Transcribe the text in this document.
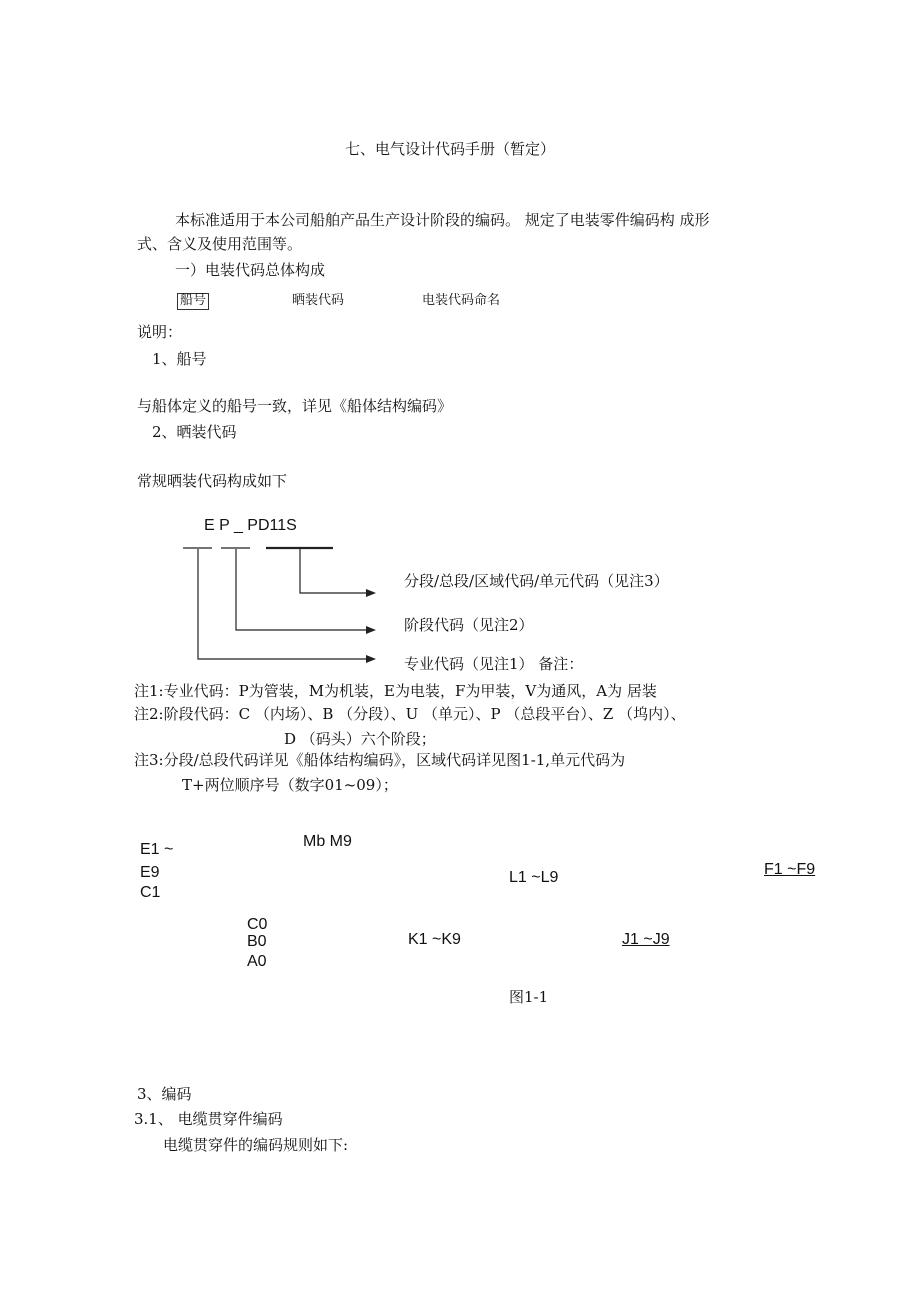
七、电气设计代码手册（暂定）
本标准适用于本公司船舶产品生产设计阶段的编码。 规定了电装零件编码构 成形
式、含义及使用范围等。
一）电装代码总体构成
船号	晒装代码	电装代码命名
说明：
1、船号
与船体定义的船号一致，详见《船体结构编码》
2、晒装代码
常规晒装代码构成如下
E P _ PD11S
分段/总段/区域代码/单元代码（见注3）
阶段代码（见注2）
专业代码（见注1） 备注：
注1:专业代码：P为管装，M为机装，E为电装，F为甲装，V为通风，A为 居装
注2:阶段代码：C （内场）、B （分段）、U （单元）、P （总段平台）、Z （坞内）、
D （码头）六个阶段；
注3:分段/总段代码详见《船体结构编码》，区域代码详见图1-1,单元代码为
T+两位顺序号（数字01~09）；
E1 ~
E9
C1
Mb M9
L1 ~L9	F1 ~F9
C0
B0
A0
K1 ~K9	J1 ~J9
图1-1
3、编码
3.1、 电缆贯穿件编码
电缆贯穿件的编码规则如下:
